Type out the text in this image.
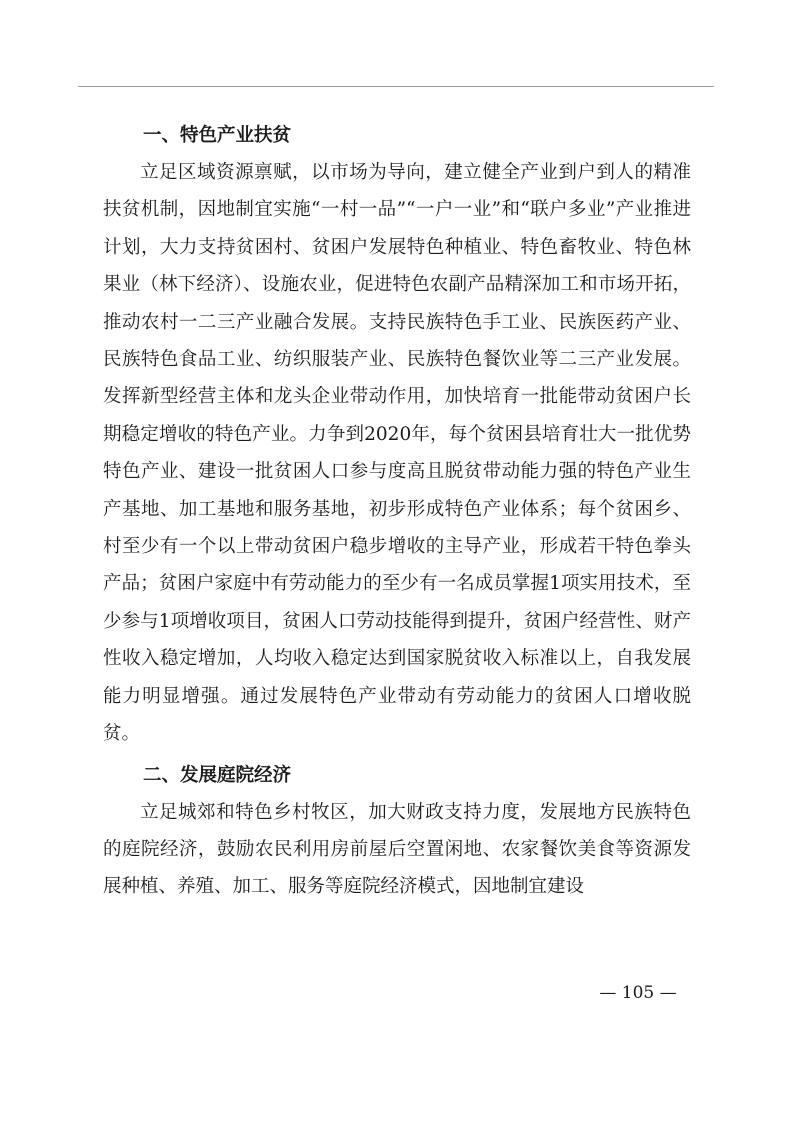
一、特色产业扶贫

立足区域资源禀赋，以市场为导向，建立健全产业到户到人的精准扶贫机制，因地制宜实施“一村一品”“一户一业”和“联户多业”产业推进计划，大力支持贫困村、贫困户发展特色种植业、特色畜牧业、特色林果业（林下经济）、设施农业，促进特色农副产品精深加工和市场开拓，推动农村一二三产业融合发展。支持民族特色手工业、民族医药产业、民族特色食品工业、纺织服装产业、民族特色餐饮业等二三产业发展。发挥新型经营主体和龙头企业带动作用，加快培育一批能带动贫困户长期稳定增收的特色产业。力争到2020年，每个贫困县培育壮大一批优势特色产业、建设一批贫困人口参与度高且脱贫带动能力强的特色产业生产基地、加工基地和服务基地，初步形成特色产业体系；每个贫困乡、村至少有一个以上带动贫困户稳步增收的主导产业，形成若干特色拳头产品；贫困户家庭中有劳动能力的至少有一名成员掌握1项实用技术，至少参与1项增收项目，贫困人口劳动技能得到提升，贫困户经营性、财产性收入稳定增加，人均收入稳定达到国家脱贫收入标准以上，自我发展能力明显增强。通过发展特色产业带动有劳动能力的贫困人口增收脱贫。

二、发展庭院经济

立足城郊和特色乡村牧区，加大财政支持力度，发展地方民族特色的庭院经济，鼓励农民利用房前屋后空置闲地、农家餐饮美食等资源发展种植、养殖、加工、服务等庭院经济模式，因地制宜建设

— 105 —
